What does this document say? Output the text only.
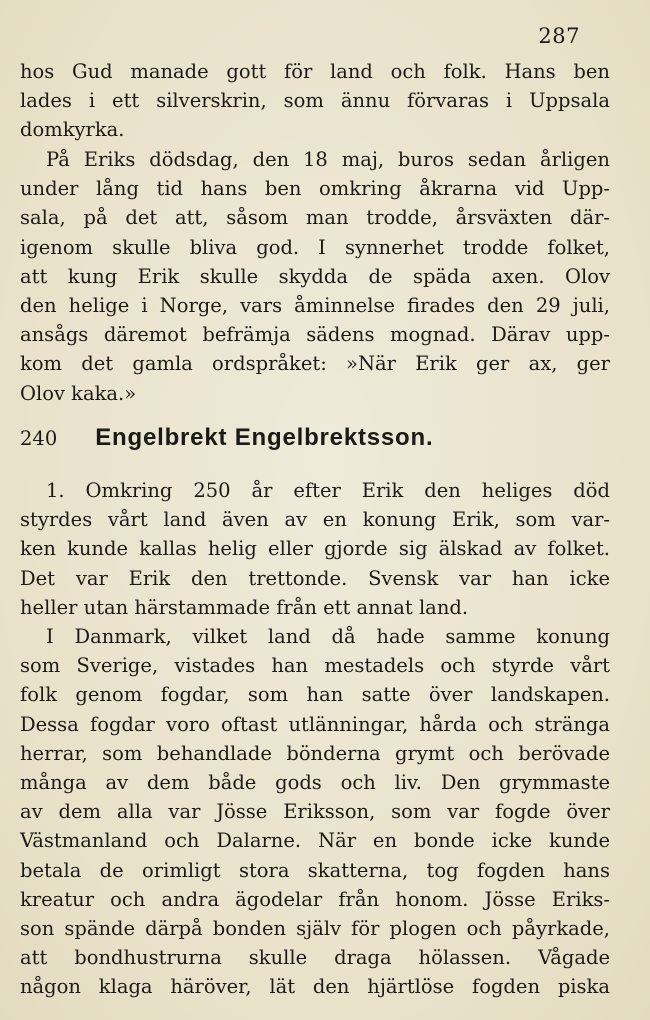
287
hos Gud manade gott för land och folk. Hans ben
lades i ett silverskrin, som ännu förvaras i Uppsala
domkyrka.
På Eriks dödsdag, den 18 maj, buros sedan årligen
under lång tid hans ben omkring åkrarna vid Upp-
sala, på det att, såsom man trodde, årsväxten där-
igenom skulle bliva god. I synnerhet trodde folket,
att kung Erik skulle skydda de späda axen. Olov
den helige i Norge, vars åminnelse firades den 29 juli,
ansågs däremot befrämja sädens mognad. Därav upp-
kom det gamla ordspråket: »När Erik ger ax, ger
Olov kaka.»
240 Engelbrekt Engelbrektsson.
1. Omkring 250 år efter Erik den heliges död
styrdes vårt land även av en konung Erik, som var-
ken kunde kallas helig eller gjorde sig älskad av folket.
Det var Erik den trettonde. Svensk var han icke
heller utan härstammade från ett annat land.
I Danmark, vilket land då hade samme konung
som Sverige, vistades han mestadels och styrde vårt
folk genom fogdar, som han satte över landskapen.
Dessa fogdar voro oftast utlänningar, hårda och stränga
herrar, som behandlade bönderna grymt och berövade
många av dem både gods och liv. Den grymmaste
av dem alla var Jösse Eriksson, som var fogde över
Västmanland och Dalarne. När en bonde icke kunde
betala de orimligt stora skatterna, tog fogden hans
kreatur och andra ägodelar från honom. Jösse Eriks-
son spände därpå bonden själv för plogen och påyrkade,
att bondhustrurna skulle draga hölassen. Vågade
någon klaga häröver, lät den hjärtlöse fogden piska
